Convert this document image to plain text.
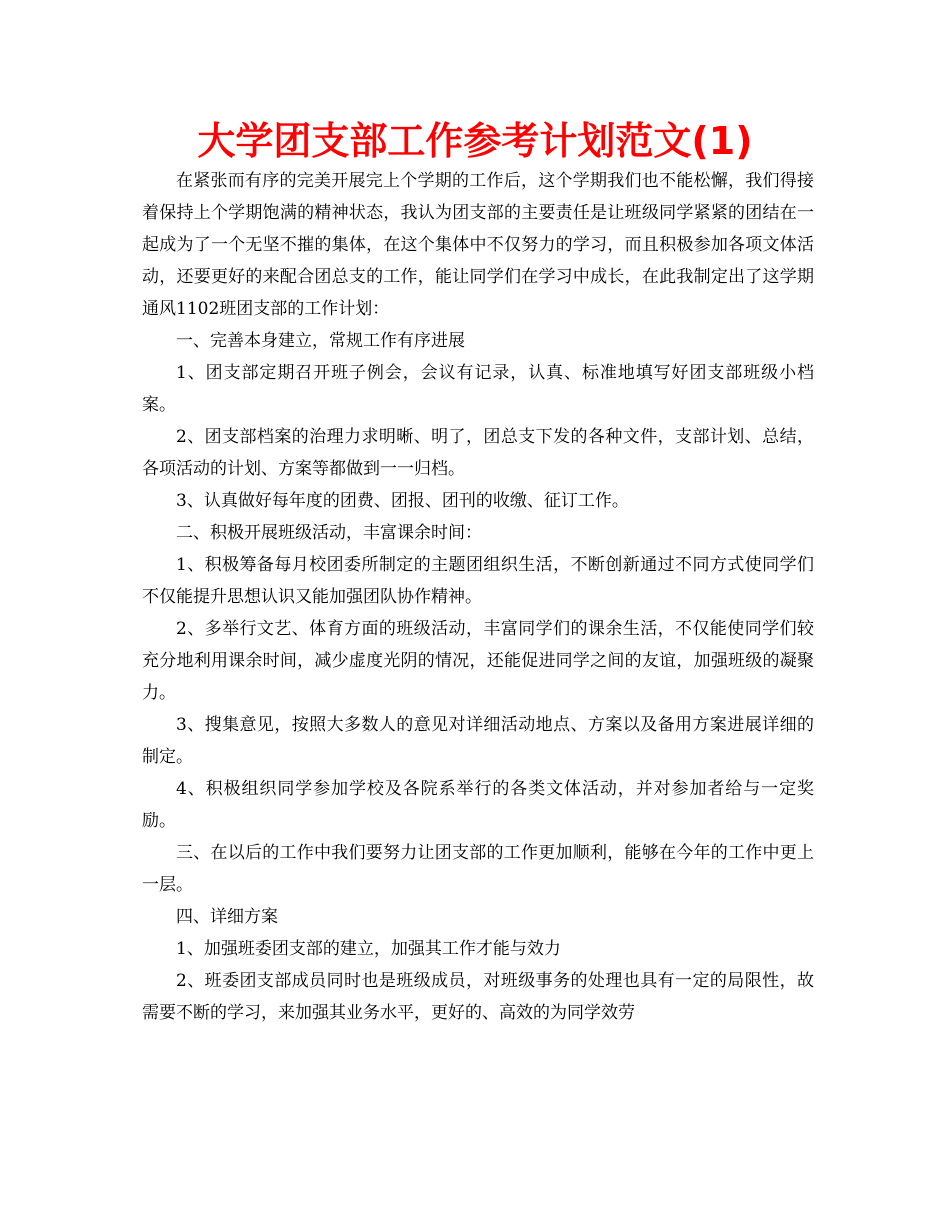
大学团支部工作参考计划范文(1)

在紧张而有序的完美开展完上个学期的工作后，这个学期我们也不能松懈，我们得接着保持上个学期饱满的精神状态，我认为团支部的主要责任是让班级同学紧紧的团结在一起成为了一个无坚不摧的集体，在这个集体中不仅努力的学习，而且积极参加各项文体活动，还要更好的来配合团总支的工作，能让同学们在学习中成长，在此我制定出了这学期通风1102班团支部的工作计划：

一、完善本身建立，常规工作有序进展

1、团支部定期召开班子例会，会议有记录，认真、标准地填写好团支部班级小档案。

2、团支部档案的治理力求明晰、明了，团总支下发的各种文件，支部计划、总结，各项活动的计划、方案等都做到一一归档。

3、认真做好每年度的团费、团报、团刊的收缴、征订工作。

二、积极开展班级活动，丰富课余时间：

1、积极筹备每月校团委所制定的主题团组织生活，不断创新通过不同方式使同学们不仅能提升思想认识又能加强团队协作精神。

2、多举行文艺、体育方面的班级活动，丰富同学们的课余生活，不仅能使同学们较充分地利用课余时间，减少虚度光阴的情况，还能促进同学之间的友谊，加强班级的凝聚力。

3、搜集意见，按照大多数人的意见对详细活动地点、方案以及备用方案进展详细的制定。

4、积极组织同学参加学校及各院系举行的各类文体活动，并对参加者给与一定奖励。

三、在以后的工作中我们要努力让团支部的工作更加顺利，能够在今年的工作中更上一层。

四、详细方案

1、加强班委团支部的建立，加强其工作才能与效力

2、班委团支部成员同时也是班级成员，对班级事务的处理也具有一定的局限性，故需要不断的学习，来加强其业务水平，更好的、高效的为同学效劳
